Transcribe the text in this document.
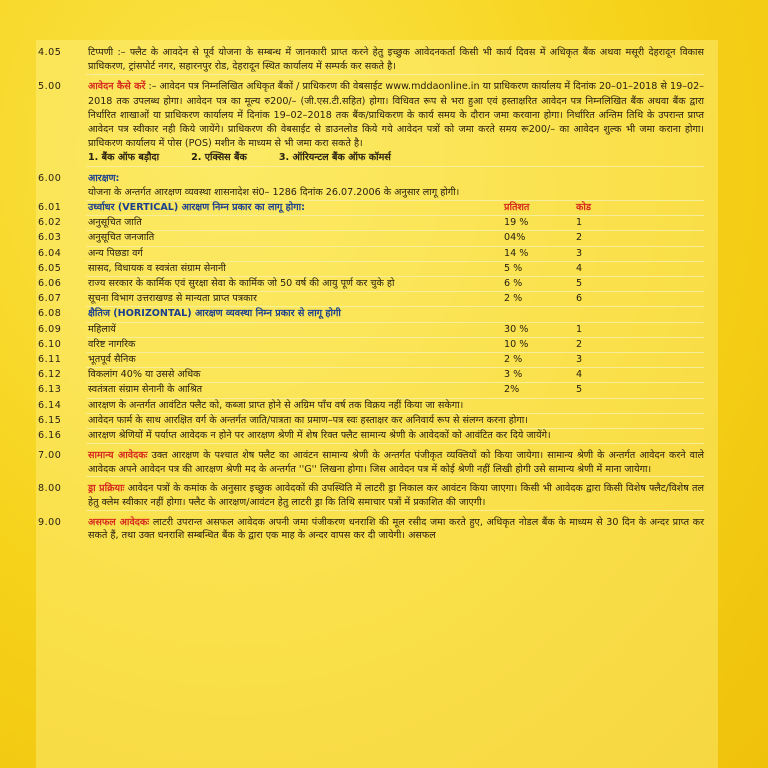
4.05	टिप्पणी :– फ्लैट के आवदेन से पूर्व योजना के सम्बन्ध में जानकारी प्राप्त करने हेतु इच्छुक आवेदनकर्ता किसी भी कार्य दिवस में अधिकृत बैंक अथवा मसूरी देहरादून विकास प्राधिकरण, ट्रांसपोर्ट नगर, सहारनपुर रोड, देहरादून स्थित कार्यालय में सम्पर्क कर सकते है।
5.00	आवेदन कैसे करें :– आवेदन पत्र निम्नलिखित अधिकृत बैंकों / प्राधिकरण की वेबसाईट www.mddaonline.in या प्राधिकरण कार्यालय में दिनांक 20–01–2018 से 19–02–2018 तक उपलब्ध होगा। आवेदन पत्र का मूल्य रु200/– (जी.एस.टी.सहित) होगा। विधिवत रूप से भरा हुआ एवं हस्ताक्षरित आवेदन पत्र निम्नलिखित बैंक अथवा बैंक द्वारा निर्धारित शाखाओं या प्राधिकरण कार्यालय में दिनांक 19–02–2018 तक बैंक/प्राधिकरण के कार्य समय के दौरान जमा करवाना होगा। निर्धारित अन्तिम तिथि के उपरान्त प्राप्त आवेदन पत्र स्वीकार नही किये जायेंगे। प्राधिकरण की वेबसाईट से डाउनलोड किये गये आवेदन पत्रों को जमा करते समय रू200/– का आवेदन शुल्क भी जमा कराना होगा। प्राधिकरण कार्यालय में पोस (POS) मशीन के माध्यम से भी जमा करा सकते है।
1. बैंक ऑफ बड़ौदा	2. एक्सिस बैंक	3. ऑरियन्टल बैंक ऑफ कॉमर्स
6.00	आरक्षण:
योजना के अन्तर्गत आरक्षण व्यवस्था शासनादेश सं0– 1286 दिनांक 26.07.2006 के अनुसार लागू होगी।
6.01	उर्ध्वाधर (VERTICAL) आरक्षण निम्न प्रकार का लागू होगा:	प्रतिशत	कोड
6.02	अनुसूचित जाति	19 %	1
6.03	अनुसूचित जनजाति	04%	2
6.04	अन्य पिछडा वर्ग	14 %	3
6.05	सासद, विधायक व स्वत्रंता संग्राम सेनानी	5 %	4
6.06	राज्य सरकार के कार्मिक एवं सुरक्षा सेवा के कार्मिक जो 50 वर्ष की आयु पूर्ण कर चुके हो	6 %	5
6.07	सूचना विभाग उत्तराखण्ड से मान्यता प्राप्त पत्रकार	2 %	6
6.08	क्षैतिज (HORIZONTAL) आरक्षण व्यवस्था निम्न प्रकार से लागू होगी
6.09	महिलायें	30 %	1
6.10	वरिष्ट नागरिक	10 %	2
6.11	भूतपूर्व सैनिक	2 %	3
6.12	विकलांग 40% या उससे अधिक	3 %	4
6.13	स्वतंत्रता संग्राम सेनानी के आश्रित	2%	5
6.14	आरक्षण के अन्तर्गत आवंटित फ्लैट को, कब्जा प्राप्त होने से अग्रिम पाँच वर्ष तक विक्रय नहीं किया जा सकेगा।
6.15	आवेदन फार्म के साथ आरक्षित वर्ग के अन्तर्गत जाति/पात्रता का प्रमाण–पत्र स्वः हस्ताक्षर कर अनिवार्य रूप से संलग्न करना होगा।
6.16	आरक्षण श्रेणियों में पर्याप्त आवेदक न होने पर आरक्षण श्रेणी में शेष रिक्त फ्लैट सामान्य श्रेणी के आवेदकों को आवंटित कर दिये जायेंगे।
7.00	सामान्य आवेदकः उक्त आरक्षण के पश्चात शेष फ्लैट का आवंटन सामान्य श्रेणी के अन्तर्गत पंजीकृत व्यक्तियों को किया जायेगा। सामान्य श्रेणी के अन्तर्गत आवेदन करने वाले आवेदक अपने आवेदन पत्र की आरक्षण श्रेणी मद के अन्तर्गत ''G'' लिखना होगा। जिस आवेदन पत्र में कोई श्रेणी नहीं लिखी होगी उसे सामान्य श्रेणी में माना जायेगा।
8.00	ड्रा प्रक्रियाः आवेदन पत्रों के कमांक के अनुसार इच्छुक आवेदकों की उपस्थिति में लाटरी ड्रा निकाल कर आवंटन किया जाएगा। किसी भी आवेदक द्वारा किसी विशेष फ्लैट/विशेष तल हेतु क्लेम स्वीकार नहीं होगा। फ्लैट के आरक्षण/आवंटन हेतु लाटरी ड्रा कि तिथि समाचार पत्रों में प्रकाशित की जाएगी।
9.00	असफल आवेदकः लाटरी उपरान्त असफल आवेदक अपनी जमा पंजीकरण धनराशि की मूल रसीद जमा करते हुए, अधिकृत नोडल बैंक के माध्यम से 30 दिन के अन्दर प्राप्त कर सकते हैं, तथा उक्त धनराशि सम्बन्धित बैंक के द्वारा एक माह के अन्दर वापस कर दी जायेगी। असफल
